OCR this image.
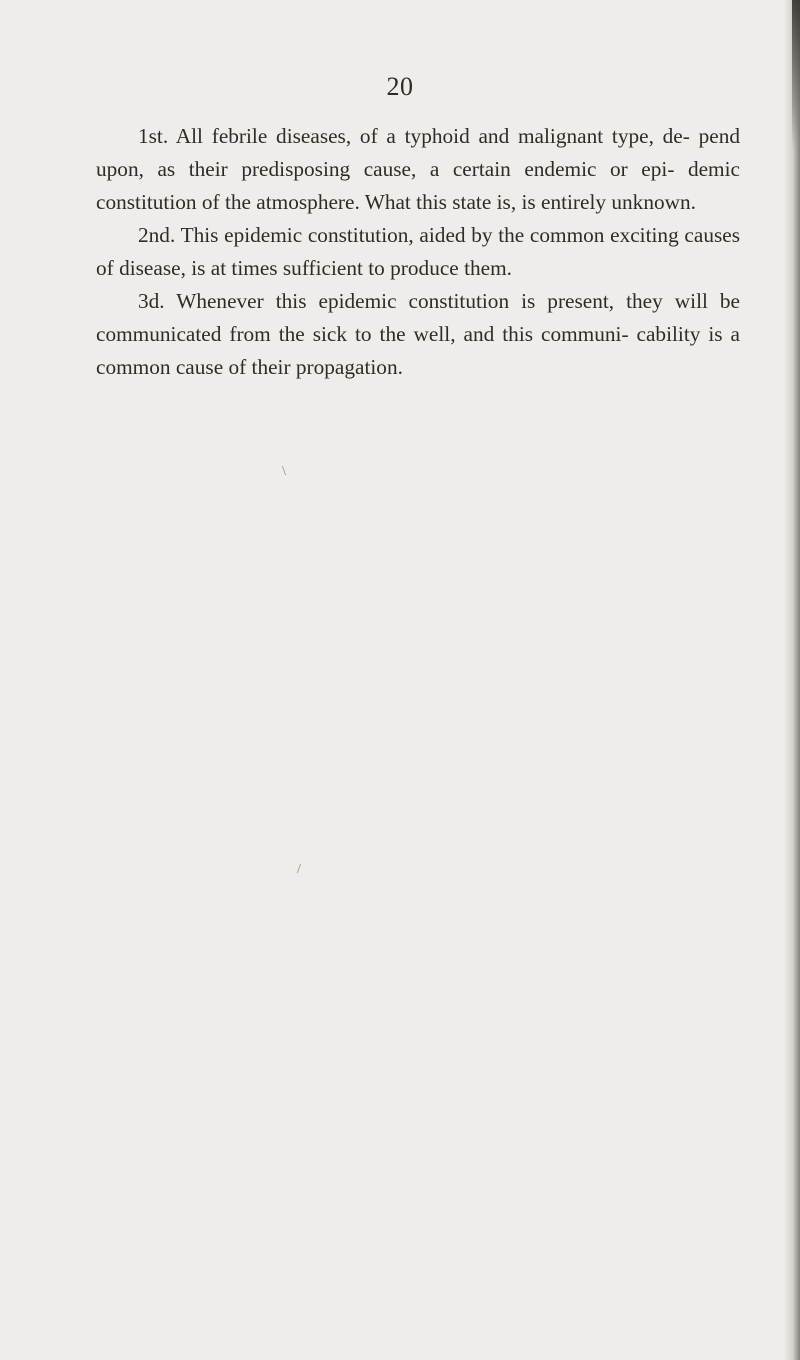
20

1st. All febrile diseases, of a typhoid and malignant type, de- pend upon, as their predisposing cause, a certain endemic or epi- demic constitution of the atmosphere. What this state is, is entirely unknown.

2nd. This epidemic constitution, aided by the common exciting causes of disease, is at times sufficient to produce them.

3d. Whenever this epidemic constitution is present, they will be communicated from the sick to the well, and this communi- cability is a common cause of their propagation.

\
/
